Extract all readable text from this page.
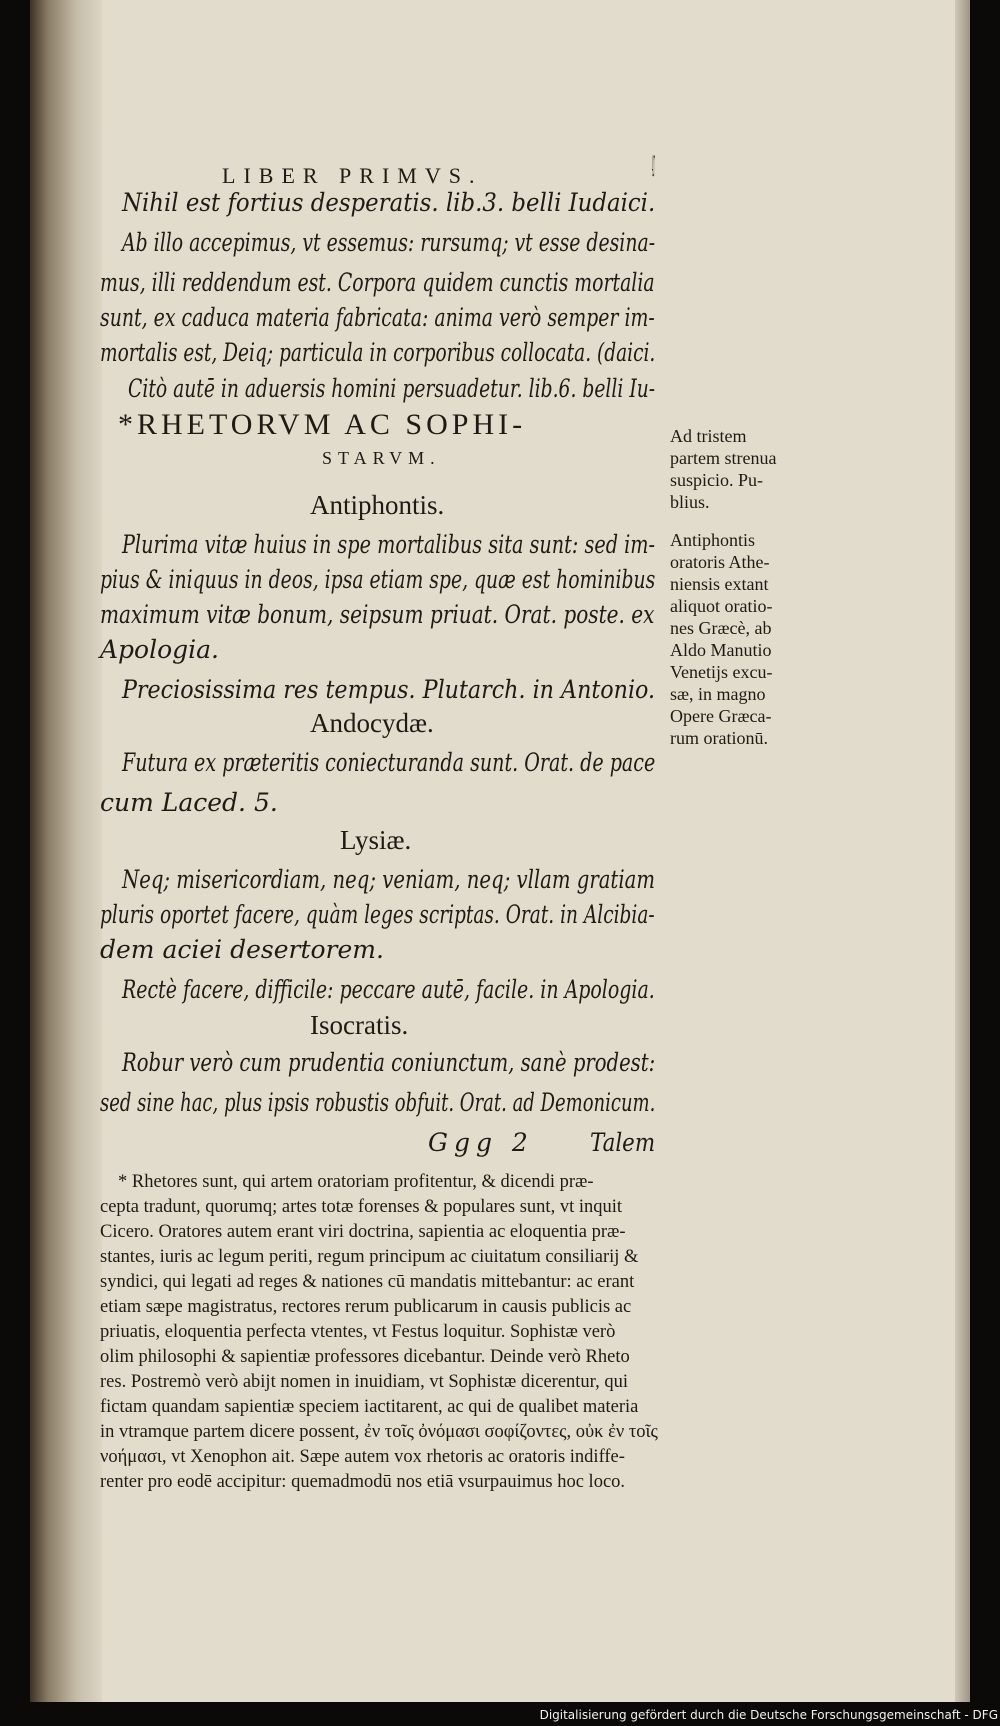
LIBER PRIMVS.	427
Nihil est fortius desperatis. lib.3. belli Iudaici.
Ab illo accepimus, vt essemus: rursumq; vt esse desina-
mus, illi reddendum est. Corpora quidem cunctis mortalia
sunt, ex caduca materia fabricata: anima verò semper im-
mortalis est, Deiq; particula in corporibus collocata. (daici.
Citò autē in aduersis homini persuadetur. lib.6. belli Iu-
*RHETORVM AC SOPHI-
STARVM.
Antiphontis.
Plurima vitæ huius in spe mortalibus sita sunt: sed im-
pius & iniquus in deos, ipsa etiam spe, quæ est hominibus
maximum vitæ bonum, seipsum priuat. Orat. poste. ex
Apologia.
Preciosissima res tempus. Plutarch. in Antonio.
Andocydæ.
Futura ex præteritis coniecturanda sunt. Orat. de pace
cum Laced. 5.
Lysiæ.
Neq; misericordiam, neq; veniam, neq; vllam gratiam
pluris oportet facere, quàm leges scriptas. Orat. in Alcibia-
dem aciei desertorem.
Rectè facere, difficile: peccare autē, facile. in Apologia.
Isocratis.
Robur verò cum prudentia coniunctum, sanè prodest:
sed sine hac, plus ipsis robustis obfuit. Orat. ad Demonicum.
Ggg 2 Talem
Ad tristem
partem strenua
suspicio. Pu-
blius.
Antiphontis
oratoris Athe-
niensis extant
aliquot oratio-
nes Græcè, ab
Aldo Manutio
Venetijs excu-
sæ, in magno
Opere Græca-
rum orationū.
* Rhetores sunt, qui artem oratoriam profitentur, & dicendi præ-
cepta tradunt, quorumq; artes totæ forenses & populares sunt, vt inquit
Cicero. Oratores autem erant viri doctrina, sapientia ac eloquentia præ-
stantes, iuris ac legum periti, regum principum ac ciuitatum consiliarij &
syndici, qui legati ad reges & nationes cū mandatis mittebantur: ac erant
etiam sæpe magistratus, rectores rerum publicarum in causis publicis ac
priuatis, eloquentia perfecta vtentes, vt Festus loquitur. Sophistæ verò
olim philosophi & sapientiæ professores dicebantur. Deinde verò Rheto
res. Postremò verò abijt nomen in inuidiam, vt Sophistæ dicerentur, qui
fictam quandam sapientiæ speciem iactitarent, ac qui de qualibet materia
in vtramque partem dicere possent, ἐν τοῖς ὀνόμασι σοφίζοντες, οὐκ ἐν τοῖς
νοήμασι, vt Xenophon ait. Sæpe autem vox rhetoris ac oratoris indiffe-
renter pro eodē accipitur: quemadmodū nos etiā vsurpauimus hoc loco.
Digitalisierung gefördert durch die Deutsche Forschungsgemeinschaft - DFG
